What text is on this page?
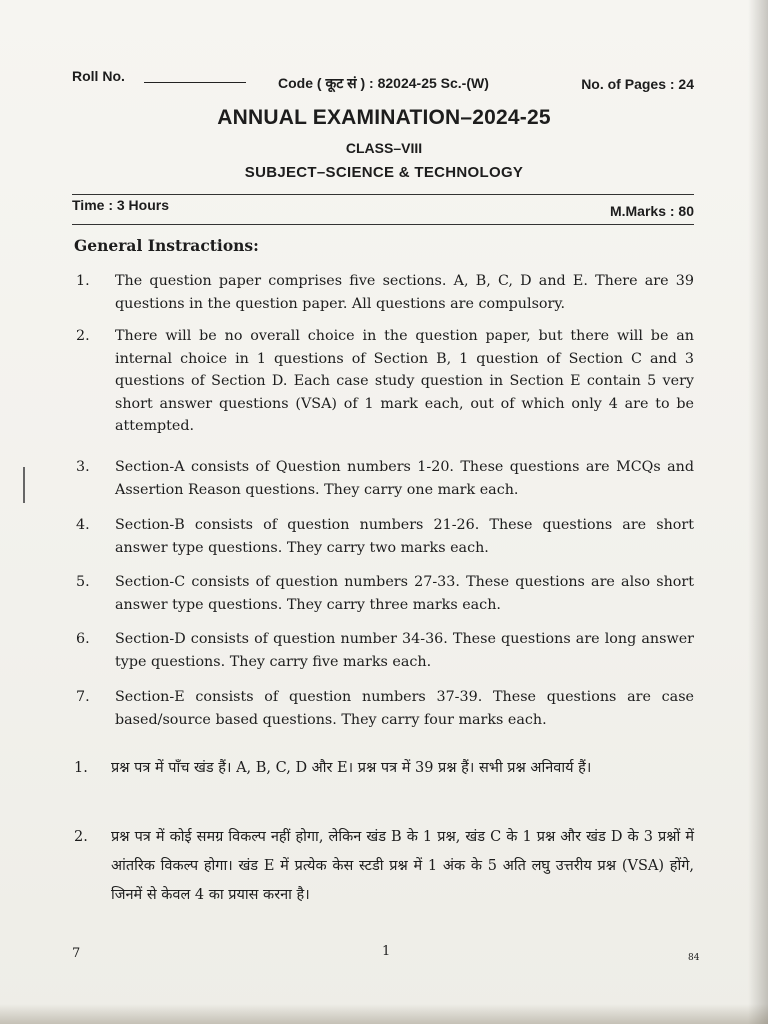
Roll No.	Code ( कूट सं ) : 82024-25 Sc.-(W)	No. of Pages : 24
ANNUAL EXAMINATION–2024-25
CLASS–VIII
SUBJECT–SCIENCE & TECHNOLOGY
Time : 3 Hours	M.Marks : 80
General Instractions:
1. The question paper comprises five sections. A, B, C, D and E. There are 39 questions in the question paper. All questions are compulsory.
2. There will be no overall choice in the question paper, but there will be an internal choice in 1 questions of Section B, 1 question of Section C and 3 questions of Section D. Each case study question in Section E contain 5 very short answer questions (VSA) of 1 mark each, out of which only 4 are to be attempted.
3. Section-A consists of Question numbers 1-20. These questions are MCQs and Assertion Reason questions. They carry one mark each.
4. Section-B consists of question numbers 21-26. These questions are short answer type questions. They carry two marks each.
5. Section-C consists of question numbers 27-33. These questions are also short answer type questions. They carry three marks each.
6. Section-D consists of question number 34-36. These questions are long answer type questions. They carry five marks each.
7. Section-E consists of question numbers 37-39. These questions are case based/source based questions. They carry four marks each.
1. प्रश्न पत्र में पाँच खंड हैं। A, B, C, D और E। प्रश्न पत्र में 39 प्रश्न हैं। सभी प्रश्न अनिवार्य हैं।
2. प्रश्न पत्र में कोई समग्र विकल्प नहीं होगा, लेकिन खंड B के 1 प्रश्न, खंड C के 1 प्रश्न और खंड D के 3 प्रश्नों में आंतरिक विकल्प होगा। खंड E में प्रत्येक केस स्टडी प्रश्न में 1 अंक के 5 अति लघु उत्तरीय प्रश्न (VSA) होंगे, जिनमें से केवल 4 का प्रयास करना है।
7	1	84
